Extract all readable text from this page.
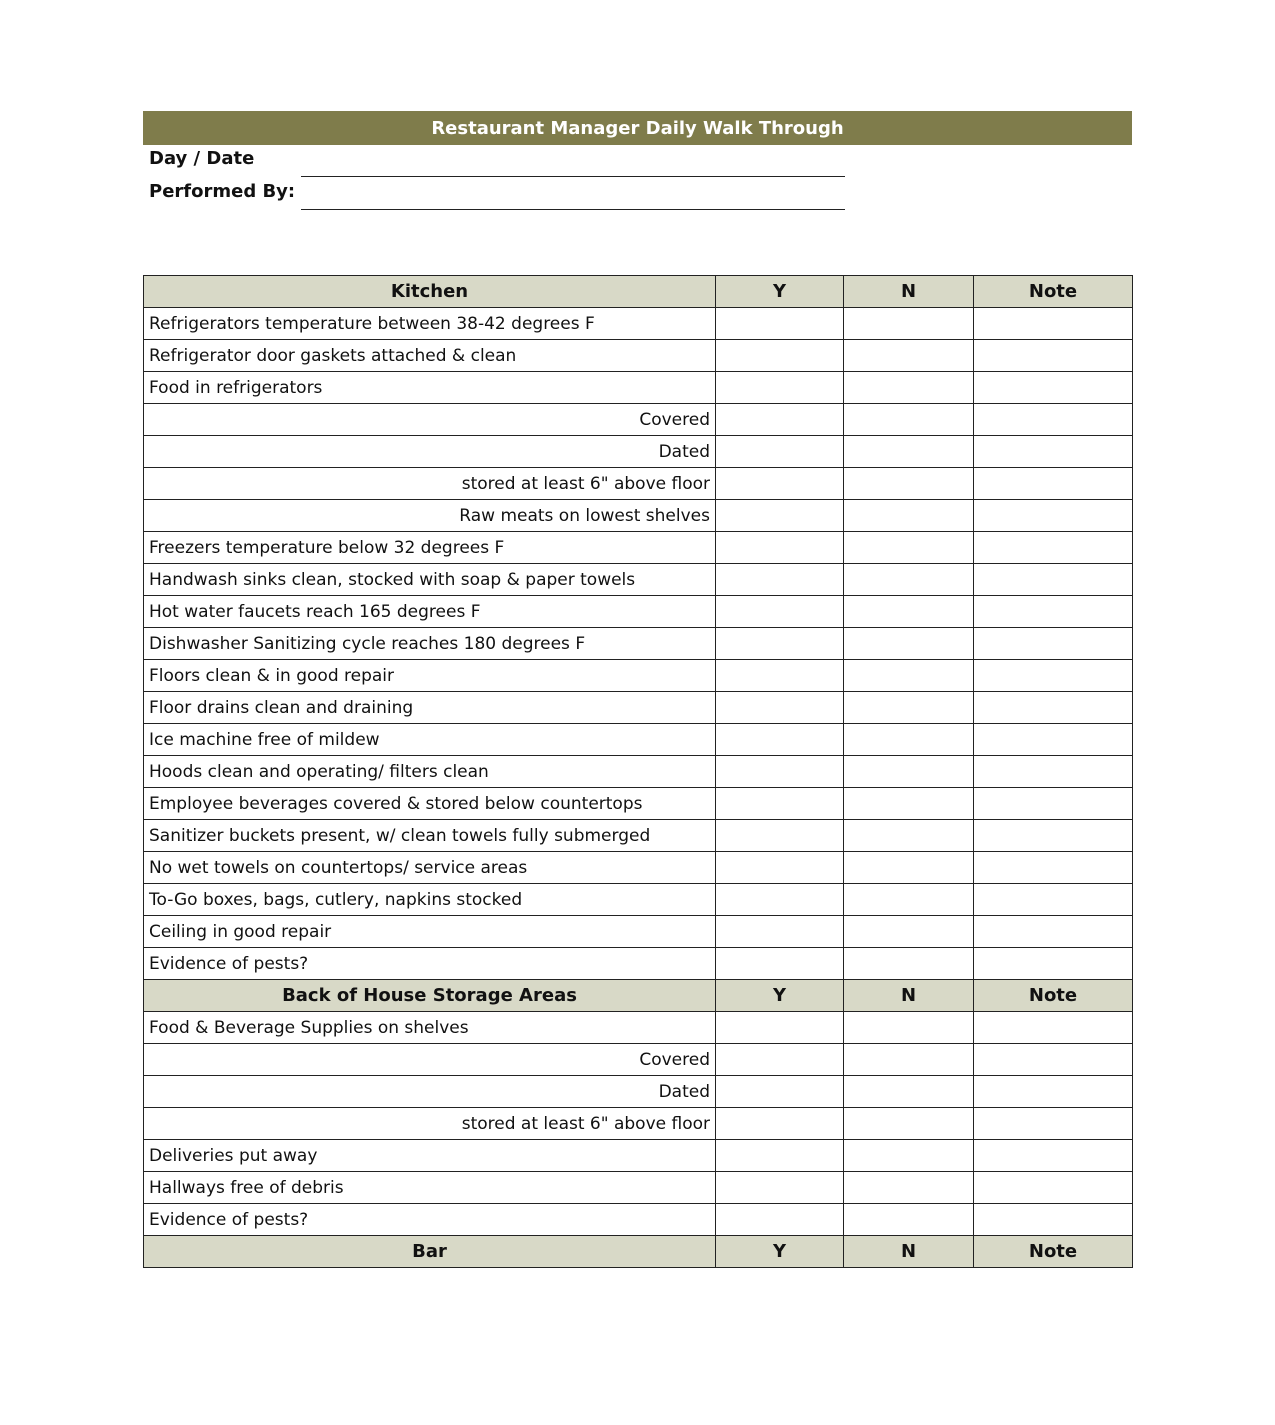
Restaurant Manager Daily Walk Through
Day / Date
Performed By:
Kitchen	Y	N	Note
Refrigerators temperature between 38-42 degrees F			
Refrigerator door gaskets attached & clean			
Food in refrigerators			
Covered			
Dated			
stored at least 6" above floor			
Raw meats on lowest shelves			
Freezers temperature below 32 degrees F			
Handwash sinks clean, stocked with soap & paper towels			
Hot water faucets reach 165 degrees F			
Dishwasher Sanitizing cycle reaches 180 degrees F			
Floors clean & in good repair			
Floor drains clean and draining			
Ice machine free of mildew			
Hoods clean and operating/ filters clean			
Employee beverages covered & stored below countertops			
Sanitizer buckets present, w/ clean towels fully submerged			
No wet towels on countertops/ service areas			
To-Go boxes, bags, cutlery, napkins stocked			
Ceiling in good repair			
Evidence of pests?			
Back of House Storage Areas	Y	N	Note
Food & Beverage Supplies on shelves			
Covered			
Dated			
stored at least 6" above floor			
Deliveries put away			
Hallways free of debris			
Evidence of pests?			
Bar	Y	N	Note
